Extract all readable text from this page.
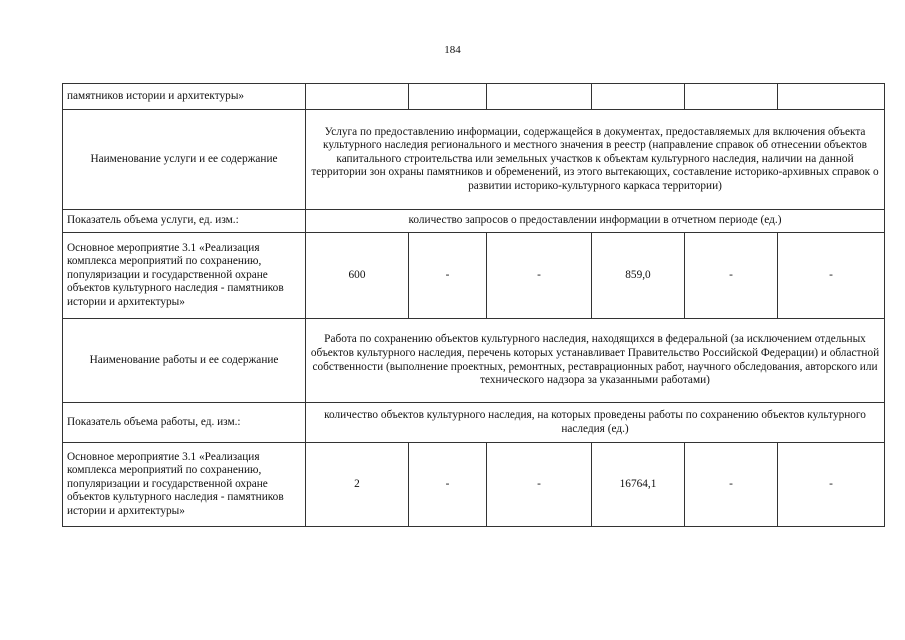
184
памятников истории и архитектуры»						
Наименование услуги и ее содержание	Услуга по предоставлению информации, содержащейся в документах, предоставляемых для включения объекта культурного наследия регионального и местного значения в реестр (направление справок об отнесении объектов капитального строительства или земельных участков к объектам культурного наследия, наличии на данной территории зон охраны памятников и обременений, из этого вытекающих, составление историко-архивных справок о развитии историко-культурного каркаса территории)					
Показатель объема услуги, ед. изм.:	количество запросов о предоставлении информации в отчетном периоде (ед.)					
Основное мероприятие 3.1 «Реализация комплекса мероприятий по сохранению, популяризации и государственной охране объектов культурного наследия - памятников истории и архитектуры»	600	-	-	859,0	-	-
Наименование работы и ее содержание	Работа по сохранению объектов культурного наследия, находящихся в федеральной (за исключением отдельных объектов культурного наследия, перечень которых устанавливает Правительство Российской Федерации) и областной собственности (выполнение проектных, ремонтных, реставрационных работ, научного обследования, авторского или технического надзора за указанными работами)					
Показатель объема работы, ед. изм.:	количество объектов культурного наследия, на которых проведены работы по сохранению объектов культурного наследия (ед.)					
Основное мероприятие 3.1 «Реализация комплекса мероприятий по сохранению, популяризации и государственной охране объектов культурного наследия - памятников истории и архитектуры»	2	-	-	16764,1	-	-
